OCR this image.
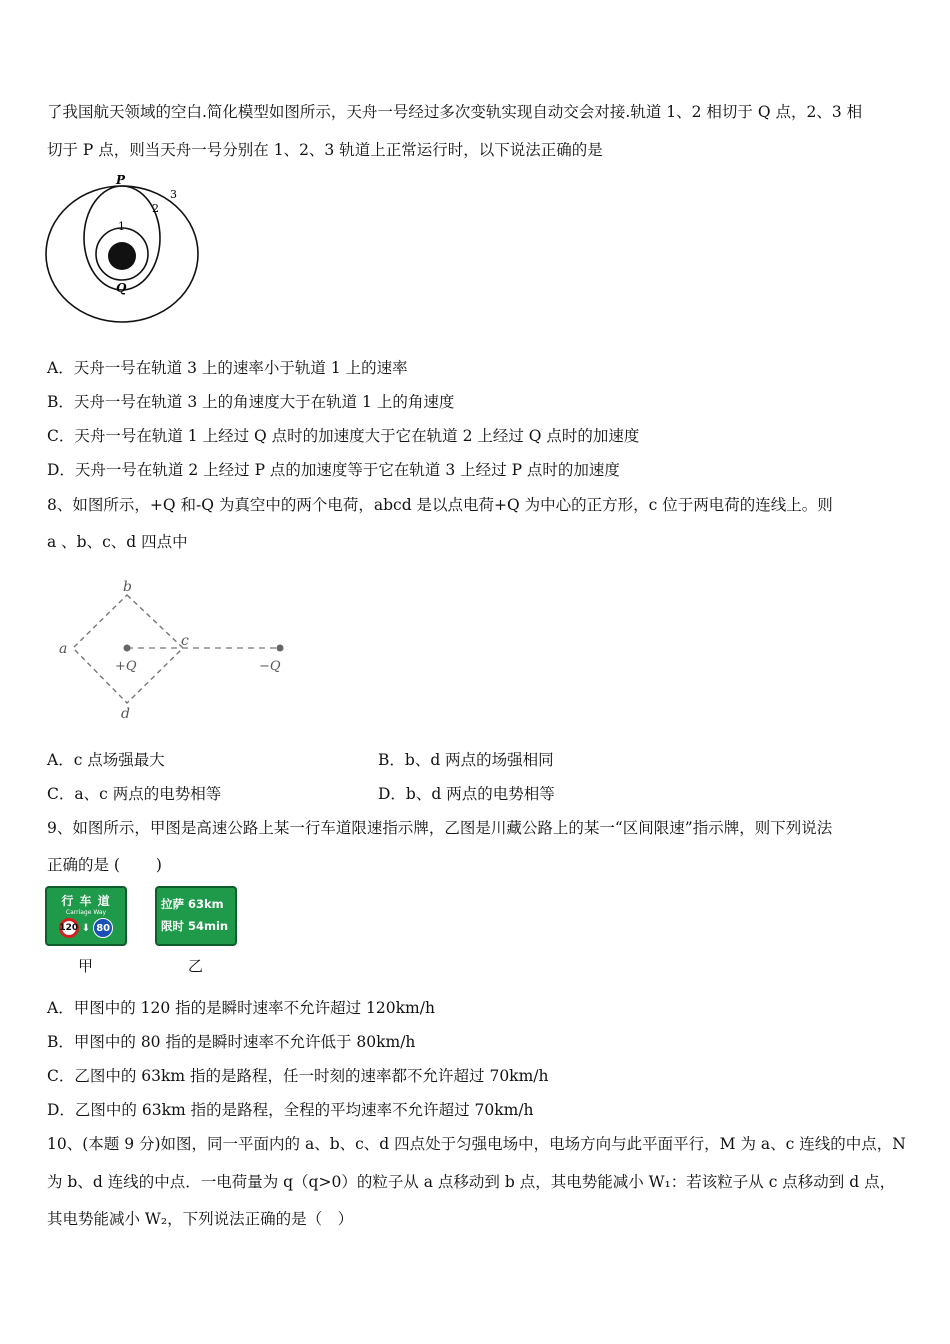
了我国航天领域的空白.简化模型如图所示，天舟一号经过多次变轨实现自动交会对接.轨道 1、2 相切于 Q 点，2、3 相
切于 P 点，则当天舟一号分别在 1、2、3 轨道上正常运行时，以下说法正确的是
P
Q
1
2
3
A．天舟一号在轨道 3 上的速率小于轨道 1 上的速率
B．天舟一号在轨道 3 上的角速度大于在轨道 1 上的角速度
C．天舟一号在轨道 1 上经过 Q 点时的加速度大于它在轨道 2 上经过 Q 点时的加速度
D．天舟一号在轨道 2 上经过 P 点的加速度等于它在轨道 3 上经过 P 点时的加速度
8、如图所示，+Q 和-Q 为真空中的两个电荷，abcd 是以点电荷+Q 为中心的正方形，c 位于两电荷的连线上。则
a 、b、c、d 四点中
b
a	c
d
+Q	−Q
A．c 点场强最大	B．b、d 两点的场强相同
C．a、c 两点的电势相等	D．b、d 两点的电势相等
9、如图所示，甲图是高速公路上某一行车道限速指示牌，乙图是川藏公路上的某一“区间限速”指示牌，则下列说法
正确的是 (　　 )
行 车 道
Carriage Way
120 ⬇ 80
甲
拉萨 63km
限时 54min
乙
A．甲图中的 120 指的是瞬时速率不允许超过 120km/h
B．甲图中的 80 指的是瞬时速率不允许低于 80km/h
C．乙图中的 63km 指的是路程，任一时刻的速率都不允许超过 70km/h
D．乙图中的 63km 指的是路程，全程的平均速率不允许超过 70km/h
10、(本题 9 分)如图，同一平面内的 a、b、c、d 四点处于匀强电场中，电场方向与此平面平行，M 为 a、c 连线的中点，N
为 b、d 连线的中点．一电荷量为 q（q>0）的粒子从 a 点移动到 b 点，其电势能减小 W₁：若该粒子从 c 点移动到 d 点，
其电势能减小 W₂，下列说法正确的是（　）
